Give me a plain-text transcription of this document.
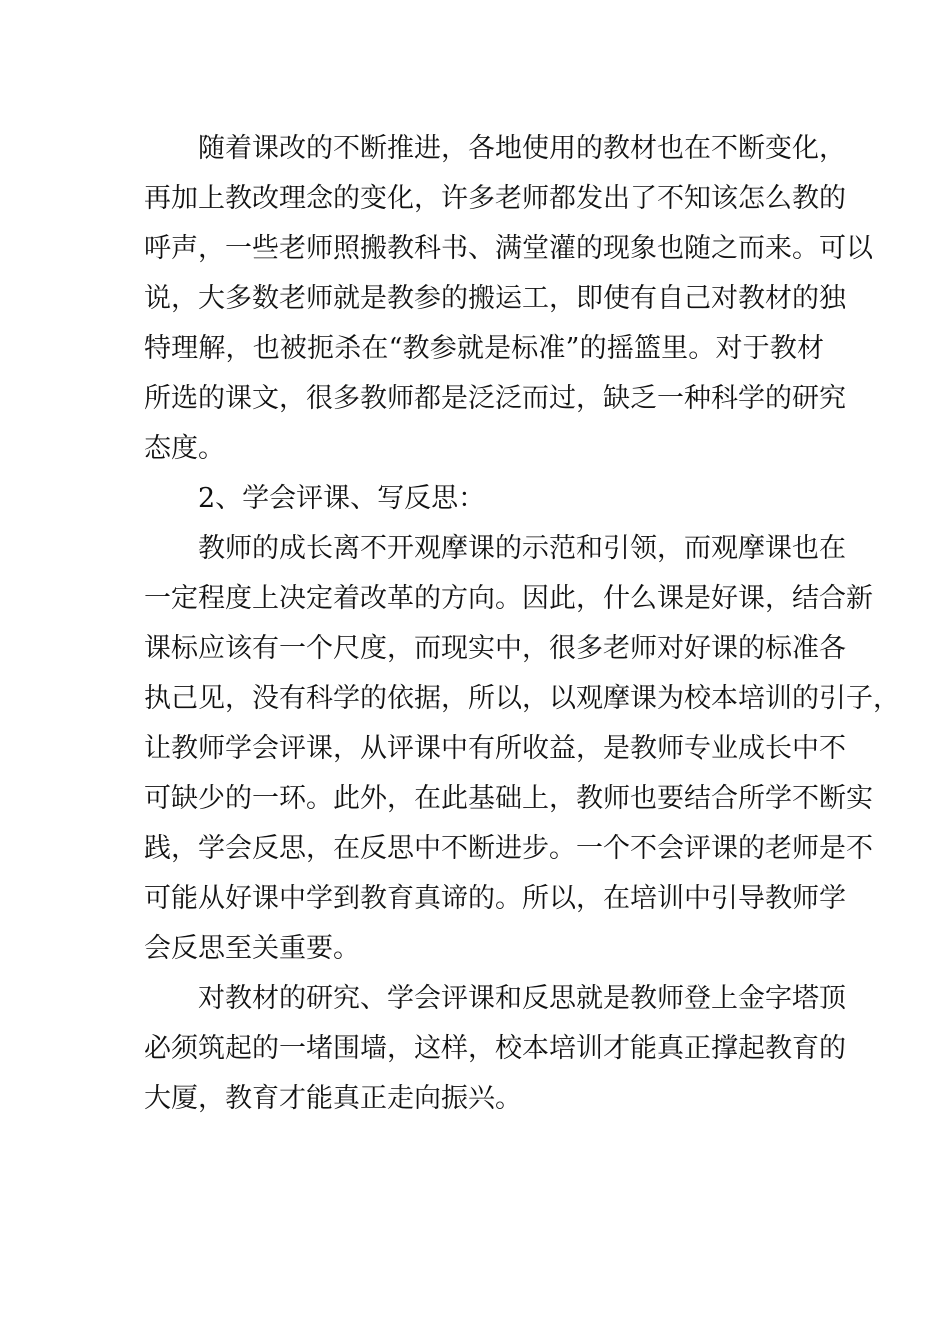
随着课改的不断推进，各地使用的教材也在不断变化，
再加上教改理念的变化，许多老师都发出了不知该怎么教的
呼声，一些老师照搬教科书、满堂灌的现象也随之而来。可以
说，大多数老师就是教参的搬运工，即使有自己对教材的独
特理解，也被扼杀在“教参就是标准”的摇篮里。对于教材
所选的课文，很多教师都是泛泛而过，缺乏一种科学的研究
态度。
2、学会评课、写反思：
教师的成长离不开观摩课的示范和引领，而观摩课也在
一定程度上决定着改革的方向。因此，什么课是好课，结合新
课标应该有一个尺度，而现实中，很多老师对好课的标准各
执己见，没有科学的依据，所以，以观摩课为校本培训的引子，
让教师学会评课，从评课中有所收益，是教师专业成长中不
可缺少的一环。此外，在此基础上，教师也要结合所学不断实
践，学会反思，在反思中不断进步。一个不会评课的老师是不
可能从好课中学到教育真谛的。所以，在培训中引导教师学
会反思至关重要。
对教材的研究、学会评课和反思就是教师登上金字塔顶
必须筑起的一堵围墙，这样，校本培训才能真正撑起教育的
大厦，教育才能真正走向振兴。
